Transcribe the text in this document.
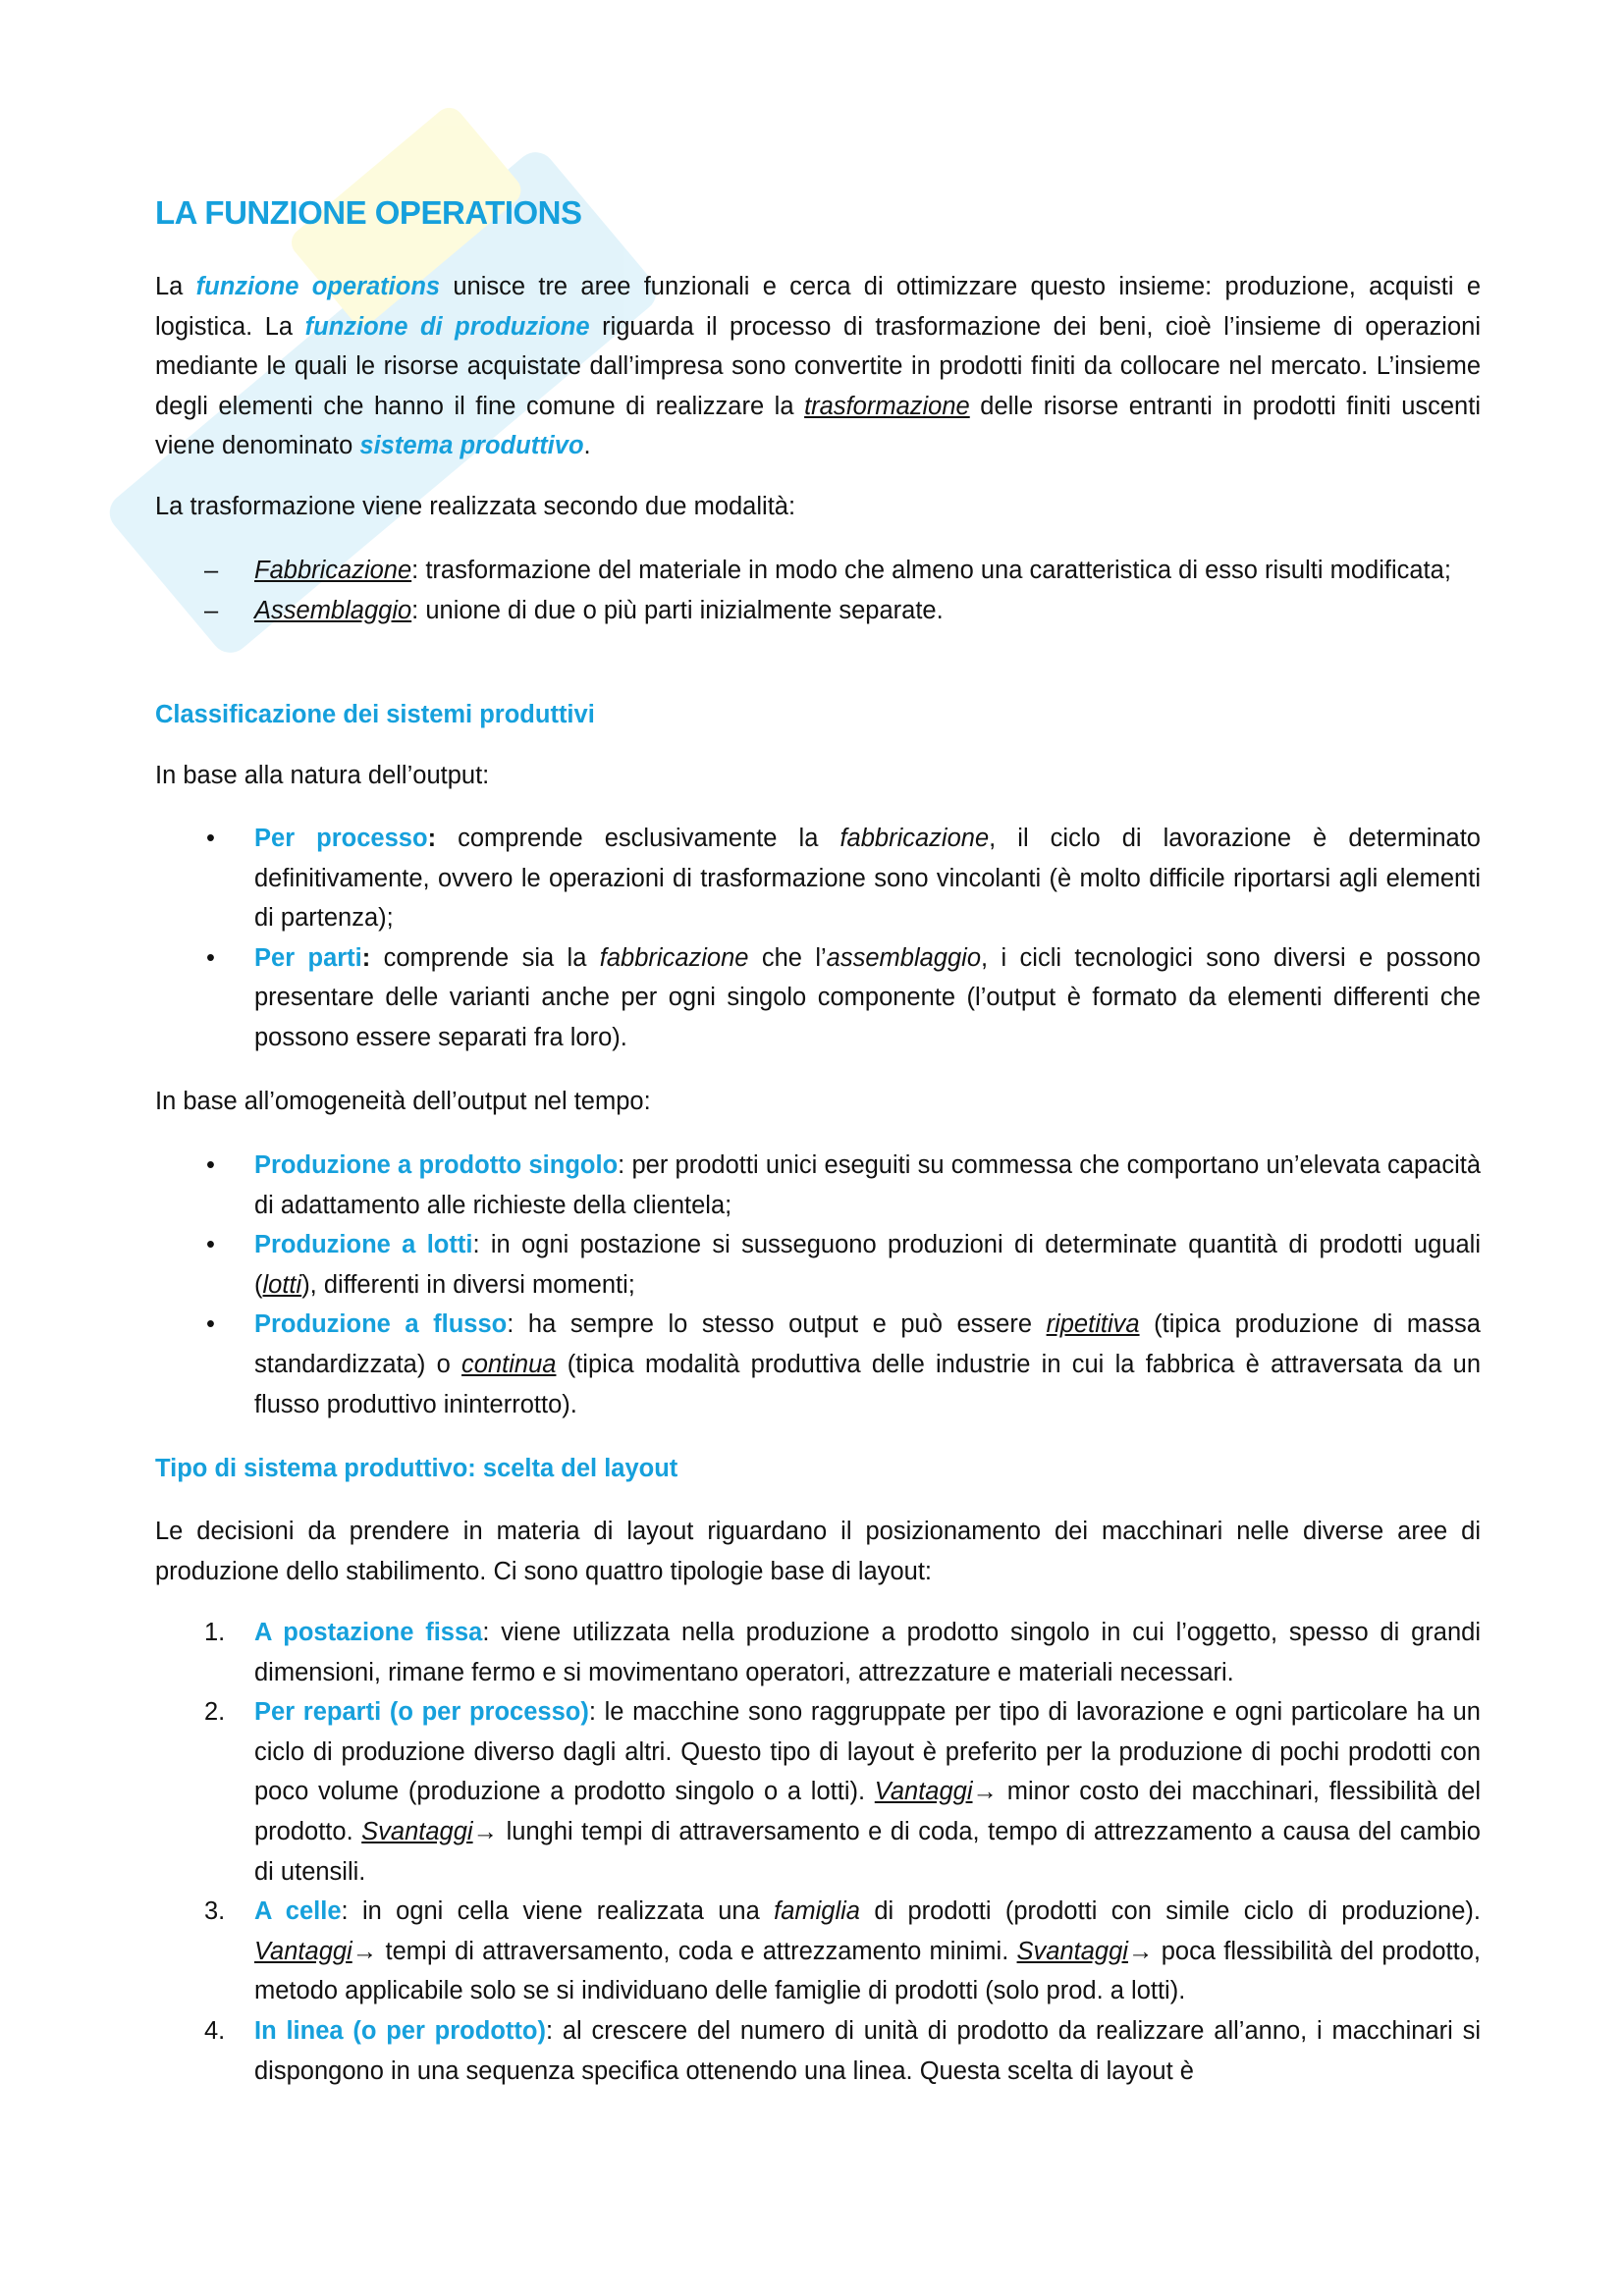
LA FUNZIONE OPERATIONS

La funzione operations unisce tre aree funzionali e cerca di ottimizzare questo insieme: produzione, acquisti e logistica. La funzione di produzione riguarda il processo di trasformazione dei beni, cioè l’insieme di operazioni mediante le quali le risorse acquistate dall’impresa sono convertite in prodotti finiti da collocare nel mercato. L’insieme degli elementi che hanno il fine comune di realizzare la trasformazione delle risorse entranti in prodotti finiti uscenti viene denominato sistema produttivo.

La trasformazione viene realizzata secondo due modalità:

– Fabbricazione: trasformazione del materiale in modo che almeno una caratteristica di esso risulti modificata;
– Assemblaggio: unione di due o più parti inizialmente separate.
Classificazione dei sistemi produttivi

In base alla natura dell’output:

• Per processo: comprende esclusivamente la fabbricazione, il ciclo di lavorazione è determinato definitivamente, ovvero le operazioni di trasformazione sono vincolanti (è molto difficile riportarsi agli elementi di partenza);
• Per parti: comprende sia la fabbricazione che l’assemblaggio, i cicli tecnologici sono diversi e possono presentare delle varianti anche per ogni singolo componente (l’output è formato da elementi differenti che possono essere separati fra loro).

In base all’omogeneità dell’output nel tempo:

• Produzione a prodotto singolo: per prodotti unici eseguiti su commessa che comportano un’elevata capacità di adattamento alle richieste della clientela;
• Produzione a lotti: in ogni postazione si susseguono produzioni di determinate quantità di prodotti uguali (lotti), differenti in diversi momenti;
• Produzione a flusso: ha sempre lo stesso output e può essere ripetitiva (tipica produzione di massa standardizzata) o continua (tipica modalità produttiva delle industrie in cui la fabbrica è attraversata da un flusso produttivo ininterrotto).
Tipo di sistema produttivo: scelta del layout

Le decisioni da prendere in materia di layout riguardano il posizionamento dei macchinari nelle diverse aree di produzione dello stabilimento. Ci sono quattro tipologie base di layout:

1. A postazione fissa: viene utilizzata nella produzione a prodotto singolo in cui l’oggetto, spesso di grandi dimensioni, rimane fermo e si movimentano operatori, attrezzature e materiali necessari.
2. Per reparti (o per processo): le macchine sono raggruppate per tipo di lavorazione e ogni particolare ha un ciclo di produzione diverso dagli altri. Questo tipo di layout è preferito per la produzione di pochi prodotti con poco volume (produzione a prodotto singolo o a lotti). Vantaggi→ minor costo dei macchinari, flessibilità del prodotto. Svantaggi→ lunghi tempi di attraversamento e di coda, tempo di attrezzamento a causa del cambio di utensili.
3. A celle: in ogni cella viene realizzata una famiglia di prodotti (prodotti con simile ciclo di produzione). Vantaggi→ tempi di attraversamento, coda e attrezzamento minimi. Svantaggi→ poca flessibilità del prodotto, metodo applicabile solo se si individuano delle famiglie di prodotti (solo prod. a lotti).
4. In linea (o per prodotto): al crescere del numero di unità di prodotto da realizzare all’anno, i macchinari si dispongono in una sequenza specifica ottenendo una linea. Questa scelta di layout è
